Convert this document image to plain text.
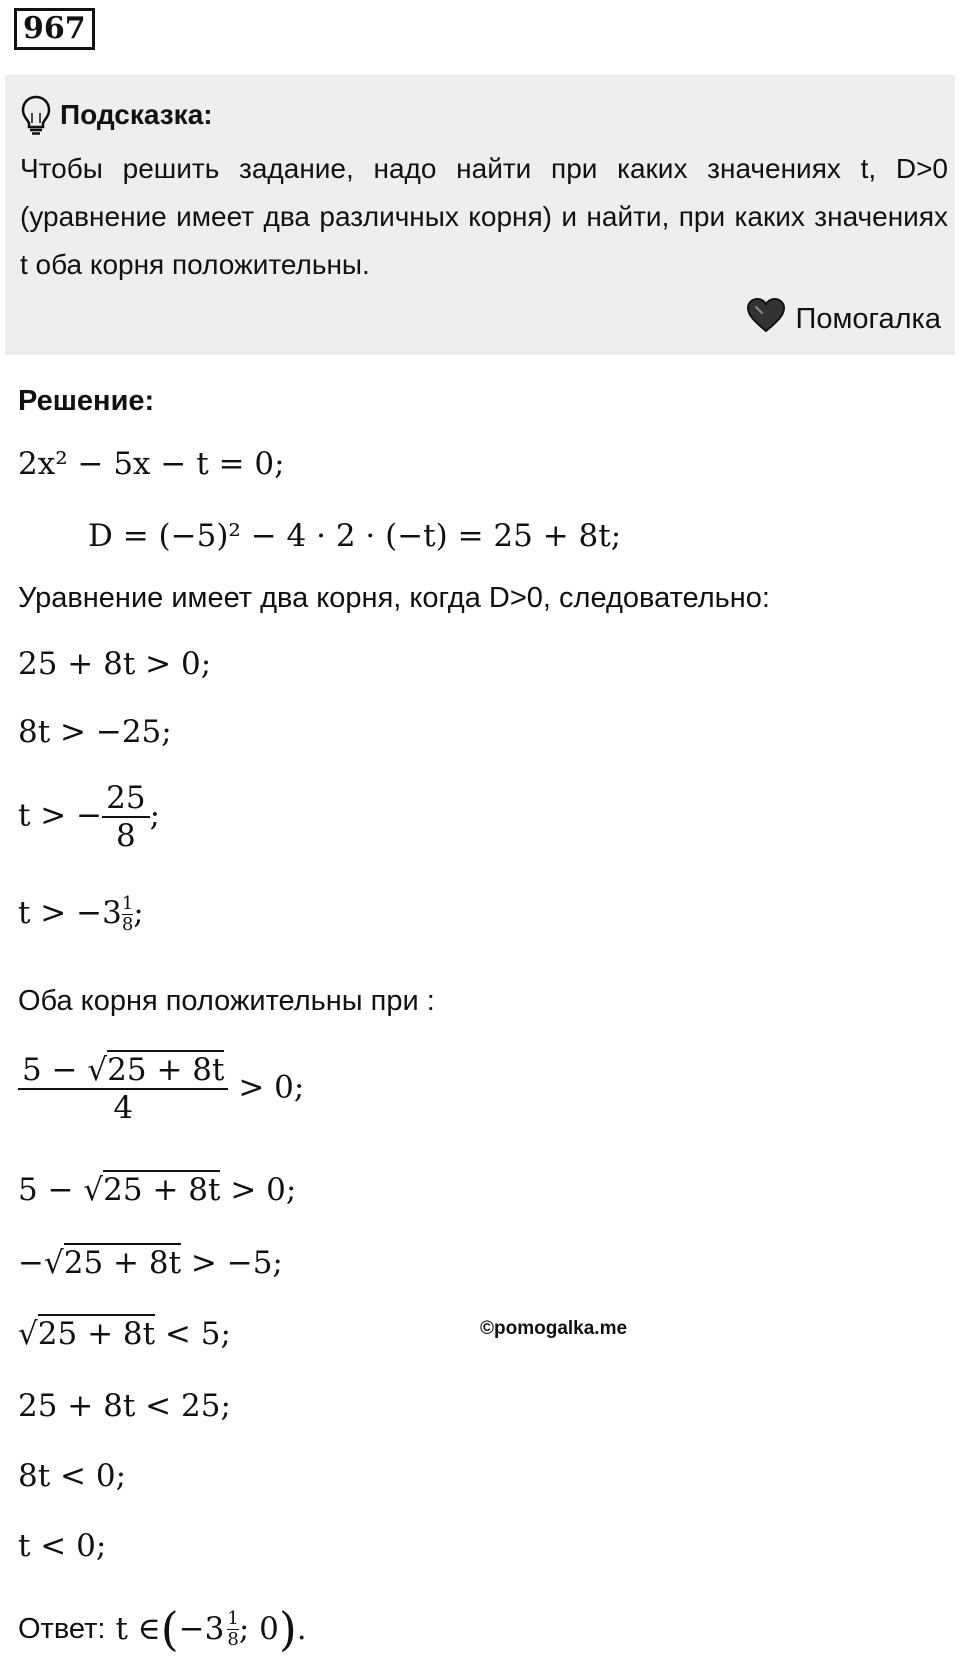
967
Подсказка:
Чтобы решить задание, надо найти при каких значениях t, D>0 (уравнение имеет два различных корня) и найти, при каких значениях t оба корня положительны.
Помогалка
Решение:
2x² − 5x − t = 0;
D = (−5)² − 4 · 2 · (−t) = 25 + 8t;
Уравнение имеет два корня, когда D>0, следовательно:
25 + 8t > 0;
8t > −25;
t > − $\frac{25}{8}$ ;
$t > -3 \frac{1}{8}$ ;
Оба корня положительны при :
$\frac{5 - √25 + 8t}{4} > 0$;
5 − √25 + 8t > 0;
−√25 + 8t > −5;
√25 + 8t < 5;	©pomogalka.me
25 + 8t < 25;
8t < 0;
t < 0;
Ответ: t ∈ ( $-3 \frac{1}{8}$ ; 0 ) .
